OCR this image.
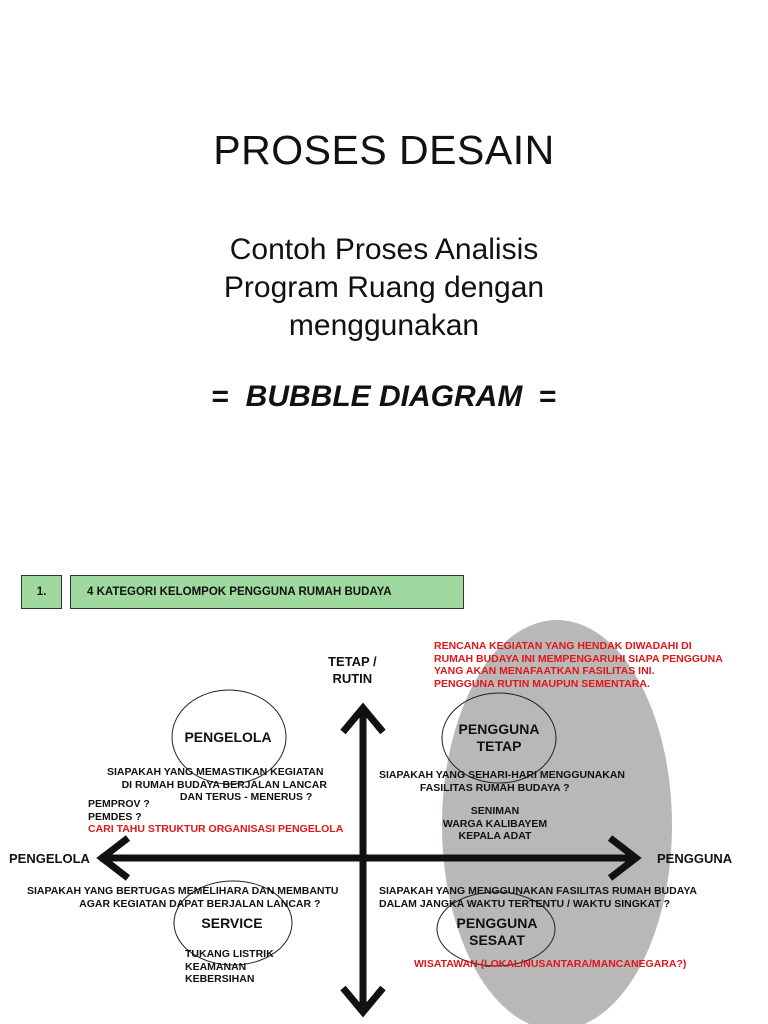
PROSES DESAIN
Contoh Proses Analisis
Program Ruang dengan
menggunakan
=  BUBBLE DIAGRAM  =
1.	4 KATEGORI KELOMPOK PENGGUNA RUMAH BUDAYA
TETAP /
RUTIN
PENGELOLA	PENGGUNA
RENCANA KEGIATAN YANG HENDAK DIWADAHI DI
RUMAH BUDAYA INI MEMPENGARUHI SIAPA PENGGUNA
YANG AKAN MENAFAATKAN FASILITAS INI.
PENGGUNA RUTIN MAUPUN SEMENTARA.
PENGELOLA
SIAPAKAH YANG MEMASTIKAN KEGIATAN
DI RUMAH BUDAYA BERJALAN LANCAR
DAN TERUS - MENERUS ?
PEMPROV ?
PEMDES ?
CARI TAHU STRUKTUR ORGANISASI PENGELOLA
PENGGUNA
TETAP
SIAPAKAH YANG SEHARI-HARI MENGGUNAKAN
FASILITAS RUMAH BUDAYA ?
SENIMAN
WARGA KALIBAYEM
KEPALA ADAT
SIAPAKAH YANG BERTUGAS MEMELIHARA DAN MEMBANTU
AGAR KEGIATAN DAPAT BERJALAN LANCAR ?
SERVICE
TUKANG LISTRIK
KEAMANAN
KEBERSIHAN
SIAPAKAH YANG MENGGUNAKAN FASILITAS RUMAH BUDAYA
DALAM JANGKA WAKTU TERTENTU / WAKTU SINGKAT ?
PENGGUNA
SESAAT
WISATAWAN (LOKAL/NUSANTARA/MANCANEGARA?)
